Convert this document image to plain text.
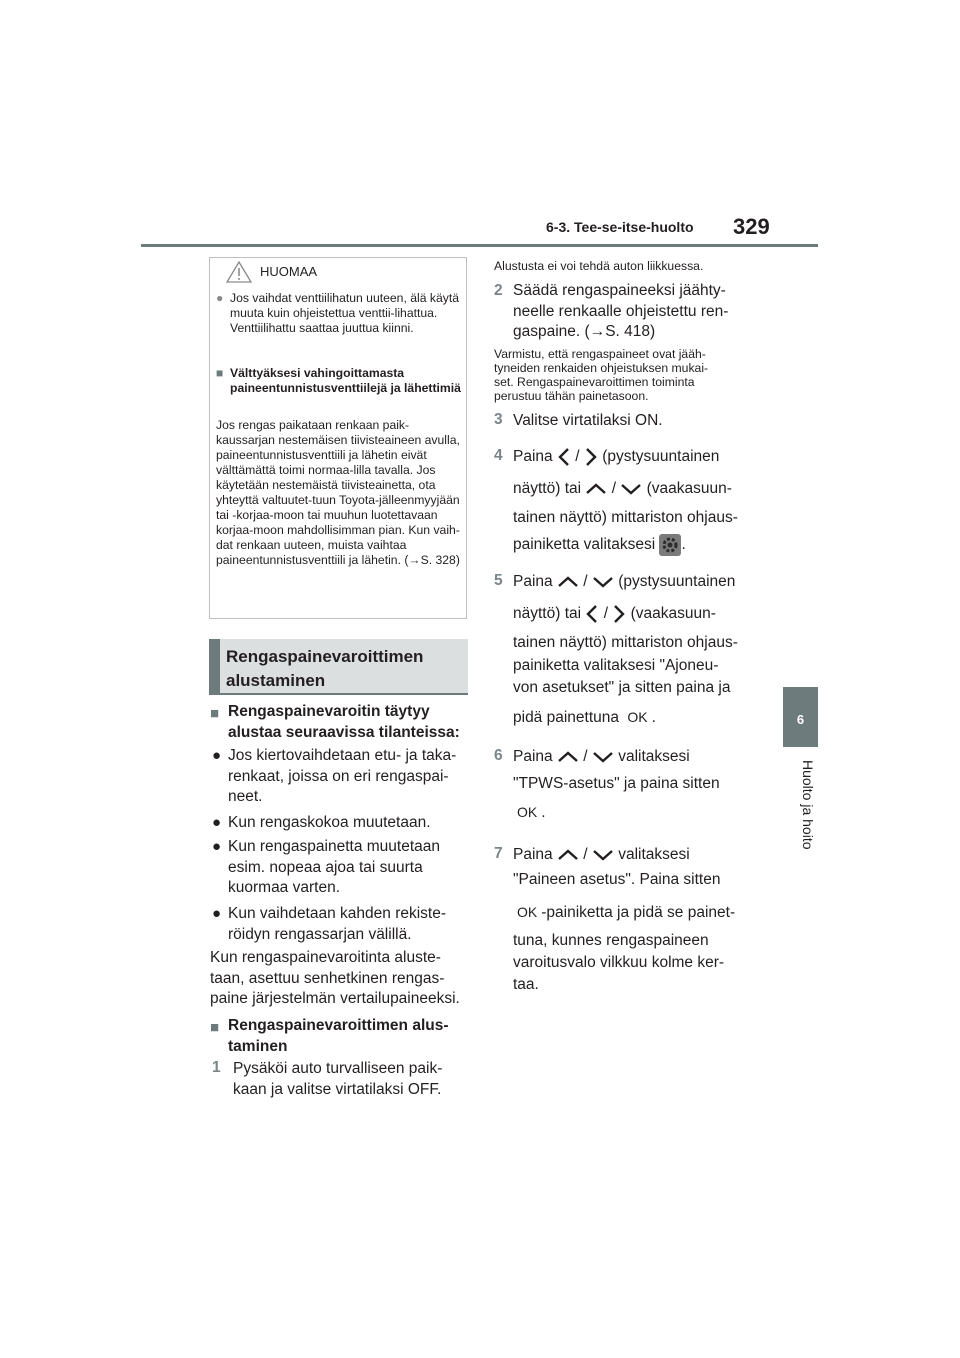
6-3. Tee-se-itse-huolto 329
6
Huolto ja hoito
HUOMAA
● Jos vaihdat venttiilihatun uuteen, älä käytä muuta kuin ohjeistettua venttii-lihattua. Venttiilihattu saattaa juuttua kiinni.
■ Välttyäksesi vahingoittamasta paineentunnistusventtiilejä ja lähettimiä
Jos rengas paikataan renkaan paik-kaussarjan nestemäisen tiivisteaineen avulla, paineentunnistusventtiili ja lähetin eivät välttämättä toimi normaa-lilla tavalla. Jos käytetään nestemäistä tiivisteainetta, ota yhteyttä valtuutet-tuun Toyota-jälleenmyyjään tai -korjaa-moon tai muuhun luotettavaan korjaa-moon mahdollisimman pian. Kun vaih-dat renkaan uuteen, muista vaihtaa paineentunnistusventtiili ja lähetin. (→S. 328)
Rengaspainevaroittimen
alustaminen
■ Rengaspainevaroitin täytyy
alustaa seuraavissa tilanteissa:
● Jos kiertovaihdetaan etu- ja taka-
renkaat, joissa on eri rengaspai-
neet.
● Kun rengaskokoa muutetaan.
● Kun rengaspainetta muutetaan
esim. nopeaa ajoa tai suurta
kuormaa varten.
● Kun vaihdetaan kahden rekiste-
röidyn rengassarjan välillä.
Kun rengaspainevaroitinta aluste-
taan, asettuu senhetkinen rengas-
paine järjestelmän vertailupaineeksi.
■ Rengaspainevaroittimen alus-
taminen
1 Pysäköi auto turvalliseen paik-
kaan ja valitse virtatilaksi OFF.
Alustusta ei voi tehdä auton liikkuessa.
2 Säädä rengaspaineeksi jäähty-
neelle renkaalle ohjeistettu ren-
gaspaine. (→S. 418)
Varmistu, että rengaspaineet ovat jääh-
tyneiden renkaiden ohjeistuksen mukai-
set. Rengaspainevaroittimen toiminta
perustuu tähän painetasoon.
3 Valitse virtatilaksi ON.
4 Paina / (pystysuuntainen
näyttö) tai / (vaakasuun-
tainen näyttö) mittariston ohjaus-
painiketta valitaksesi .
5 Paina / (pystysuuntainen
näyttö) tai / (vaakasuun-
tainen näyttö) mittariston ohjaus-
painiketta valitaksesi "Ajoneu-
von asetukset" ja sitten paina ja
pidä painettuna OK .
6 Paina / valitaksesi
"TPWS-asetus" ja paina sitten
OK .
7 Paina / valitaksesi
"Paineen asetus". Paina sitten
OK -painiketta ja pidä se painet-
tuna, kunnes rengaspaineen
varoitusvalo vilkkuu kolme ker-
taa.
